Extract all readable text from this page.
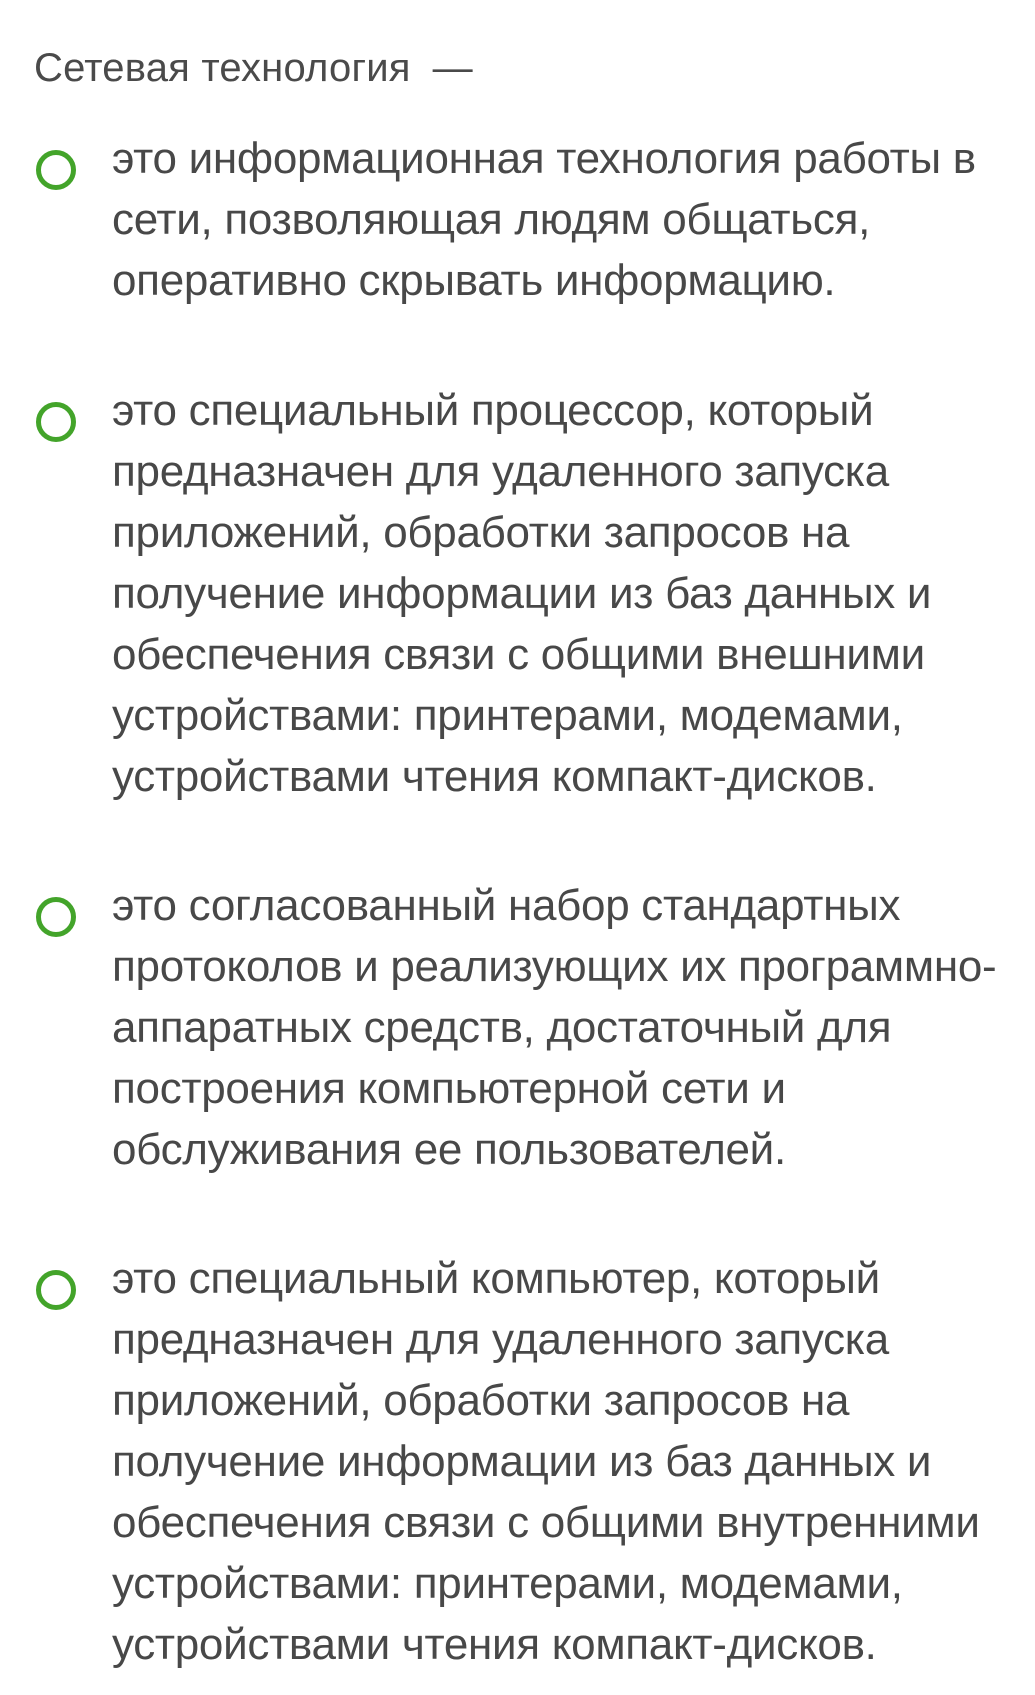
Сетевая технология —
это информационная технология работы в
сети, позволяющая людям общаться,
оперативно скрывать информацию.
это специальный процессор, который
предназначен для удаленного запуска
приложений, обработки запросов на
получение информации из баз данных и
обеспечения связи с общими внешними
устройствами: принтерами, модемами,
устройствами чтения компакт-дисков.
это согласованный набор стандартных
протоколов и реализующих их программно-
аппаратных средств, достаточный для
построения компьютерной сети и
обслуживания ее пользователей.
это специальный компьютер, который
предназначен для удаленного запуска
приложений, обработки запросов на
получение информации из баз данных и
обеспечения связи с общими внутренними
устройствами: принтерами, модемами,
устройствами чтения компакт-дисков.
